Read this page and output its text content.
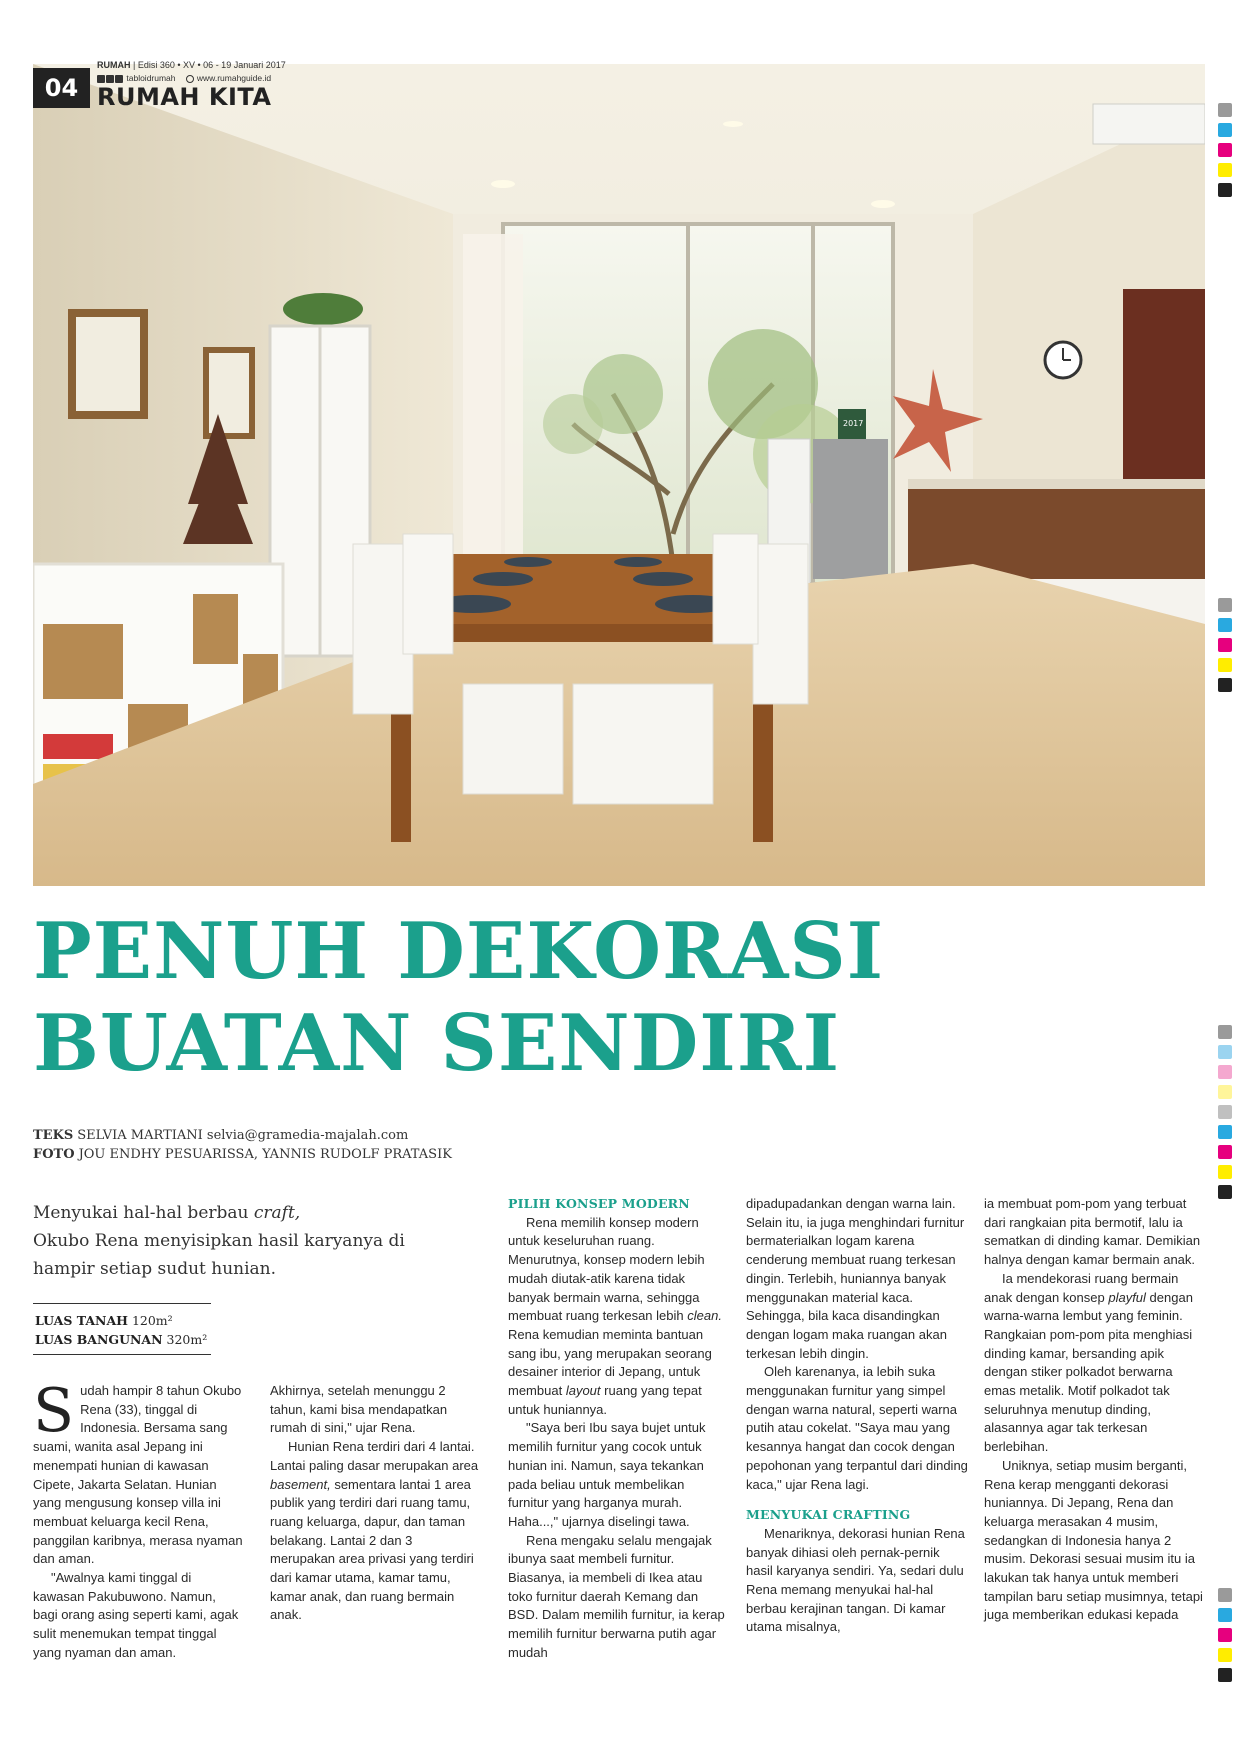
04
RUMAH | Edisi 360 • XV • 06 - 19 Januari 2017
tabloidrumah	www.rumahguide.id
RUMAH KITA
2017
PENUH DEKORASI
BUATAN SENDIRI
TEKS SELVIA MARTIANI selvia@gramedia-majalah.com
FOTO JOU ENDHY PESUARISSA, YANNIS RUDOLF PRATASIK

Menyukai hal-hal berbau craft,
Okubo Rena menyisipkan hasil karyanya di hampir setiap sudut hunian.

LUAS TANAH 120m²
LUAS BANGUNAN 320m²

Sudah hampir 8 tahun Okubo Rena (33), tinggal di Indonesia. Bersama sang suami, wanita asal Jepang ini menempati hunian di kawasan Cipete, Jakarta Selatan. Hunian yang mengusung konsep villa ini membuat keluarga kecil Rena, panggilan karibnya, merasa nyaman dan aman.

"Awalnya kami tinggal di kawasan Pakubuwono. Namun, bagi orang asing seperti kami, agak sulit menemukan tempat tinggal yang nyaman dan aman.

Akhirnya, setelah menunggu 2 tahun, kami bisa mendapatkan rumah di sini," ujar Rena.

Hunian Rena terdiri dari 4 lantai. Lantai paling dasar merupakan area basement, sementara lantai 1 area publik yang terdiri dari ruang tamu, ruang keluarga, dapur, dan taman belakang. Lantai 2 dan 3 merupakan area privasi yang terdiri dari kamar utama, kamar tamu, kamar anak, dan ruang bermain anak.

PILIH KONSEP MODERN

Rena memilih konsep modern untuk keseluruhan ruang. Menurutnya, konsep modern lebih mudah diutak-atik karena tidak banyak bermain warna, sehingga membuat ruang terkesan lebih clean. Rena kemudian meminta bantuan sang ibu, yang merupakan seorang desainer interior di Jepang, untuk membuat layout ruang yang tepat untuk huniannya.

"Saya beri Ibu saya bujet untuk memilih furnitur yang cocok untuk hunian ini. Namun, saya tekankan pada beliau untuk membelikan furnitur yang harganya murah. Haha...," ujarnya diselingi tawa.

Rena mengaku selalu mengajak ibunya saat membeli furnitur. Biasanya, ia membeli di Ikea atau toko furnitur daerah Kemang dan BSD. Dalam memilih furnitur, ia kerap memilih furnitur berwarna putih agar mudah

dipadupadankan dengan warna lain. Selain itu, ia juga menghindari furnitur bermaterialkan logam karena cenderung membuat ruang terkesan dingin. Terlebih, huniannya banyak menggunakan material kaca. Sehingga, bila kaca disandingkan dengan logam maka ruangan akan terkesan lebih dingin.

Oleh karenanya, ia lebih suka menggunakan furnitur yang simpel dengan warna natural, seperti warna putih atau cokelat. "Saya mau yang kesannya hangat dan cocok dengan pepohonan yang terpantul dari dinding kaca," ujar Rena lagi.

MENYUKAI CRAFTING

Menariknya, dekorasi hunian Rena banyak dihiasi oleh pernak-pernik hasil karyanya sendiri. Ya, sedari dulu Rena memang menyukai hal-hal berbau kerajinan tangan. Di kamar utama misalnya,

ia membuat pom-pom yang terbuat dari rangkaian pita bermotif, lalu ia sematkan di dinding kamar. Demikian halnya dengan kamar bermain anak.

Ia mendekorasi ruang bermain anak dengan konsep playful dengan warna-warna lembut yang feminin. Rangkaian pom-pom pita menghiasi dinding kamar, bersanding apik dengan stiker polkadot berwarna emas metalik. Motif polkadot tak seluruhnya menutup dinding, alasannya agar tak terkesan berlebihan.

Uniknya, setiap musim berganti, Rena kerap mengganti dekorasi huniannya. Di Jepang, Rena dan keluarga merasakan 4 musim, sedangkan di Indonesia hanya 2 musim. Dekorasi sesuai musim itu ia lakukan tak hanya untuk memberi tampilan baru setiap musimnya, tetapi juga memberikan edukasi kepada
